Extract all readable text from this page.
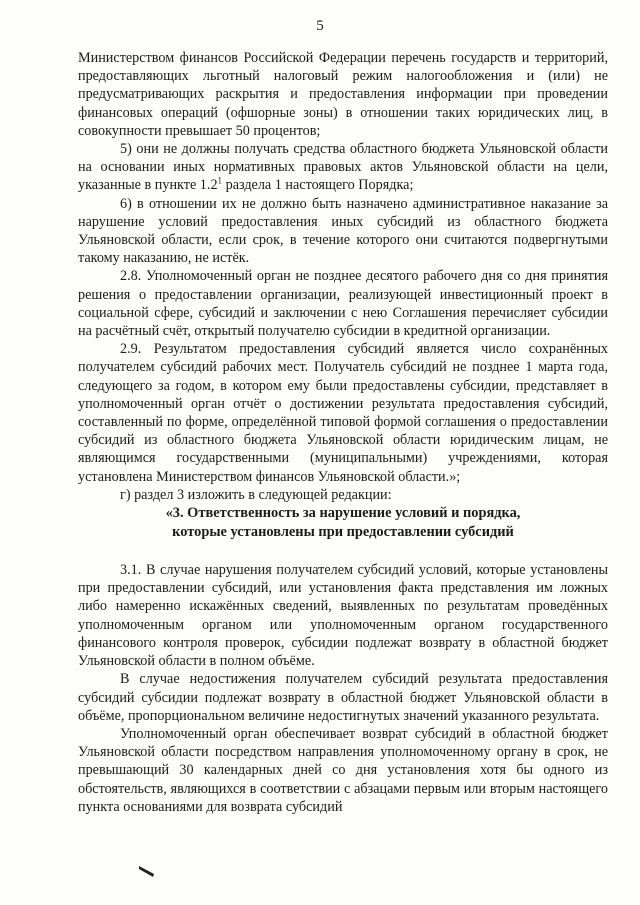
5

Министерством финансов Российской Федерации перечень государств и территорий, предоставляющих льготный налоговый режим налогообложения и (или) не предусматривающих раскрытия и предоставления информации при проведении финансовых операций (офшорные зоны) в отношении таких юридических лиц, в совокупности превышает 50 процентов;

5) они не должны получать средства областного бюджета Ульяновской области на основании иных нормативных правовых актов Ульяновской области на цели, указанные в пункте $1.2^1$ раздела 1 настоящего Порядка;

6) в отношении их не должно быть назначено административное наказание за нарушение условий предоставления иных субсидий из областного бюджета Ульяновской области, если срок, в течение которого они считаются подвергнутыми такому наказанию, не истёк.

2.8. Уполномоченный орган не позднее десятого рабочего дня со дня принятия решения о предоставлении организации, реализующей инвестиционный проект в социальной сфере, субсидий и заключении с нею Соглашения перечисляет субсидии на расчётный счёт, открытый получателю субсидии в кредитной организации.

2.9. Результатом предоставления субсидий является число сохранённых получателем субсидий рабочих мест. Получатель субсидий не позднее 1 марта года, следующего за годом, в котором ему были предоставлены субсидии, представляет в уполномоченный орган отчёт о достижении результата предоставления субсидий, составленный по форме, определённой типовой формой соглашения о предоставлении субсидий из областного бюджета Ульяновской области юридическим лицам, не являющимся государственными (муниципальными) учреждениями, которая установлена Министерством финансов Ульяновской области.»;

г) раздел 3 изложить в следующей редакции:

«3. Ответственность за нарушение условий и порядка,

которые установлены при предоставлении субсидий

3.1. В случае нарушения получателем субсидий условий, которые установлены при предоставлении субсидий, или установления факта представления им ложных либо намеренно искажённых сведений, выявленных по результатам проведённых уполномоченным органом или уполномоченным органом государственного финансового контроля проверок, субсидии подлежат возврату в областной бюджет Ульяновской области в полном объёме.

В случае недостижения получателем субсидий результата предоставления субсидий субсидии подлежат возврату в областной бюджет Ульяновской области в объёме, пропорциональном величине недостигнутых значений указанного результата.

Уполномоченный орган обеспечивает возврат субсидий в областной бюджет Ульяновской области посредством направления уполномоченному органу в срок, не превышающий 30 календарных дней со дня установления хотя бы одного из обстоятельств, являющихся в соответствии с абзацами первым или вторым настоящего пункта основаниями для возврата субсидий
